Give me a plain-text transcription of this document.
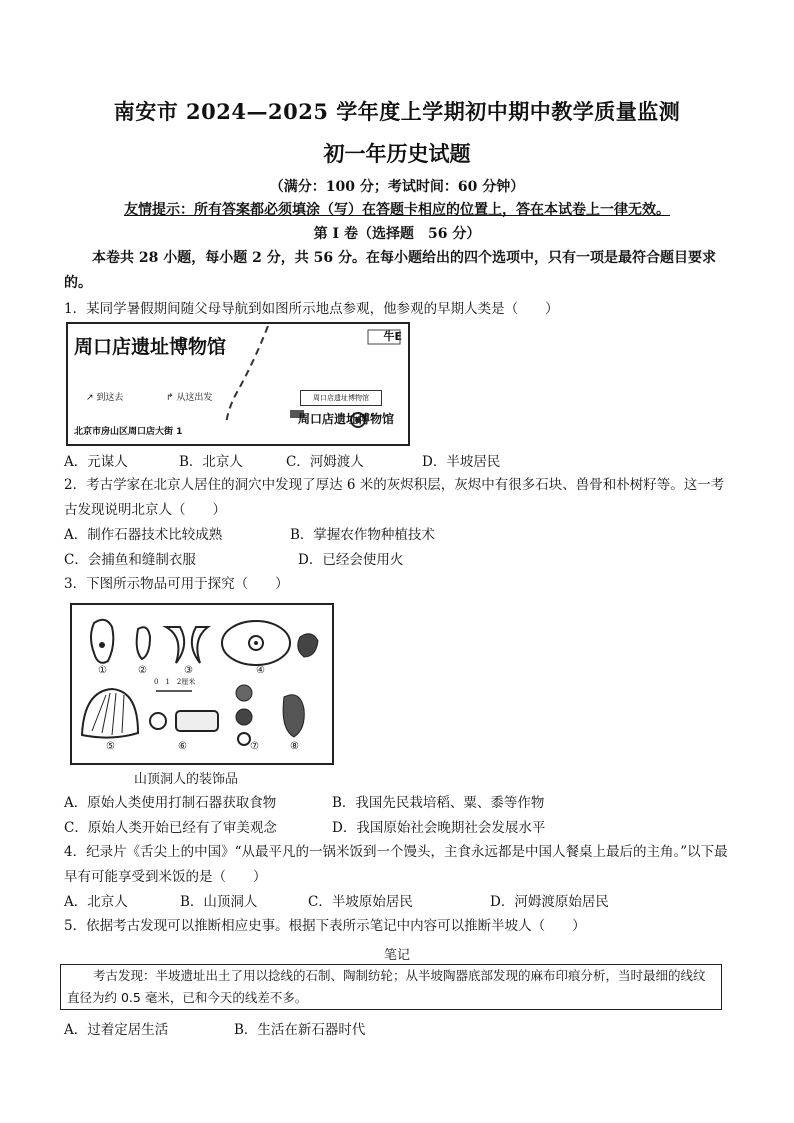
南安市 2024—2025 学年度上学期初中期中教学质量监测
初一年历史试题
（满分：100 分；考试时间：60 分钟）
友情提示：所有答案都必须填涂（写）在答题卡相应的位置上，答在本试卷上一律无效。
第 Ⅰ 卷（选择题　56 分）
本卷共 28 小题，每小题 2 分，共 56 分。在每小题给出的四个选项中，只有一项是最符合题目要求的。
1．某同学暑假期间随父母导航到如图所示地点参观，他参观的早期人类是（　　）
周口店遗址博物馆	牛E
↗ 到这去	↱ 从这出发	周口店遗址博物馆
周口店遗址博物馆
北京市房山区周口店大街 1
A．元谋人	B．北京人	C．河姆渡人	D．半坡居民
2．考古学家在北京人居住的洞穴中发现了厚达 6 米的灰烬积层，灰烬中有很多石块、兽骨和朴树籽等。这一考古发现说明北京人（　　）
A．制作石器技术比较成熟	B．掌握农作物种植技术
C．会捕鱼和缝制衣服	D．已经会使用火
3．下图所示物品可用于探究（　　）
0　1　2厘米
①	②	③	④
⑤	⑥	⑦	⑧
山顶洞人的装饰品
A．原始人类使用打制石器获取食物	B．我国先民栽培稻、粟、黍等作物
C．原始人类开始已经有了审美观念	D．我国原始社会晚期社会发展水平
4．纪录片《舌尖上的中国》“从最平凡的一锅米饭到一个馒头，主食永远都是中国人餐桌上最后的主角。”以下最早有可能享受到米饭的是（　　）
A．北京人	B．山顶洞人	C．半坡原始居民	D．河姆渡原始居民
5．依据考古发现可以推断相应史事。根据下表所示笔记中内容可以推断半坡人（　　）
笔记
考古发现：半坡遗址出土了用以捻线的石制、陶制纺轮；从半坡陶器底部发现的麻布印痕分析，当时最细的线纹直径为约 0.5 毫米，已和今天的线差不多。
A．过着定居生活	B．生活在新石器时代
